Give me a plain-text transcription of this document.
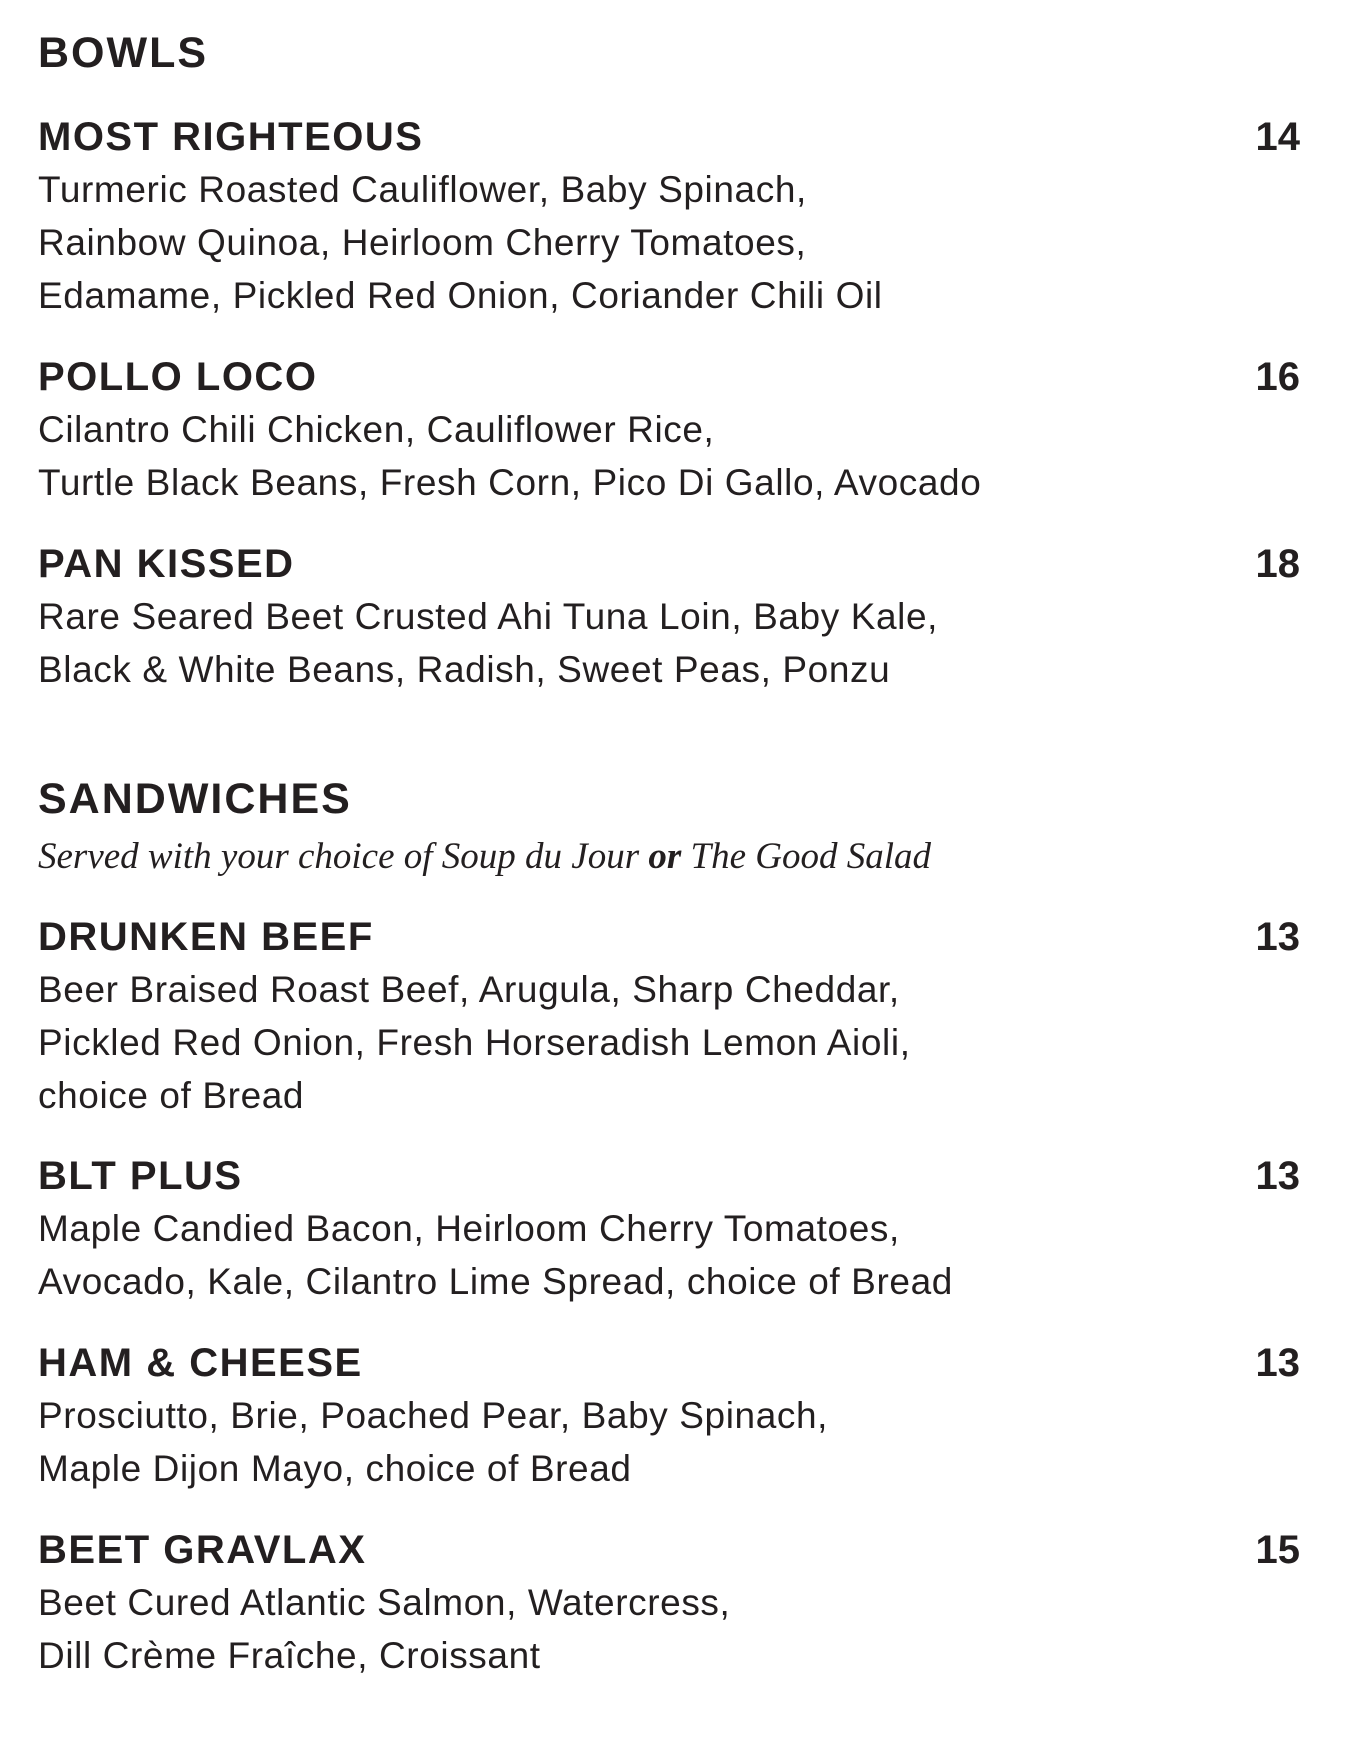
BOWLS
MOST RIGHTEOUS	14
Turmeric Roasted Cauliflower, Baby Spinach,
Rainbow Quinoa, Heirloom Cherry Tomatoes,
Edamame, Pickled Red Onion, Coriander Chili Oil
POLLO LOCO	16
Cilantro Chili Chicken, Cauliflower Rice,
Turtle Black Beans, Fresh Corn, Pico Di Gallo, Avocado
PAN KISSED	18
Rare Seared Beet Crusted Ahi Tuna Loin, Baby Kale,
Black & White Beans, Radish, Sweet Peas, Ponzu
SANDWICHES
Served with your choice of Soup du Jour or The Good Salad
DRUNKEN BEEF	13
Beer Braised Roast Beef, Arugula, Sharp Cheddar,
Pickled Red Onion, Fresh Horseradish Lemon Aioli,
choice of Bread
BLT PLUS	13
Maple Candied Bacon, Heirloom Cherry Tomatoes,
Avocado, Kale, Cilantro Lime Spread, choice of Bread
HAM & CHEESE	13
Prosciutto, Brie, Poached Pear, Baby Spinach,
Maple Dijon Mayo, choice of Bread
BEET GRAVLAX	15
Beet Cured Atlantic Salmon, Watercress,
Dill Crème Fraîche, Croissant
